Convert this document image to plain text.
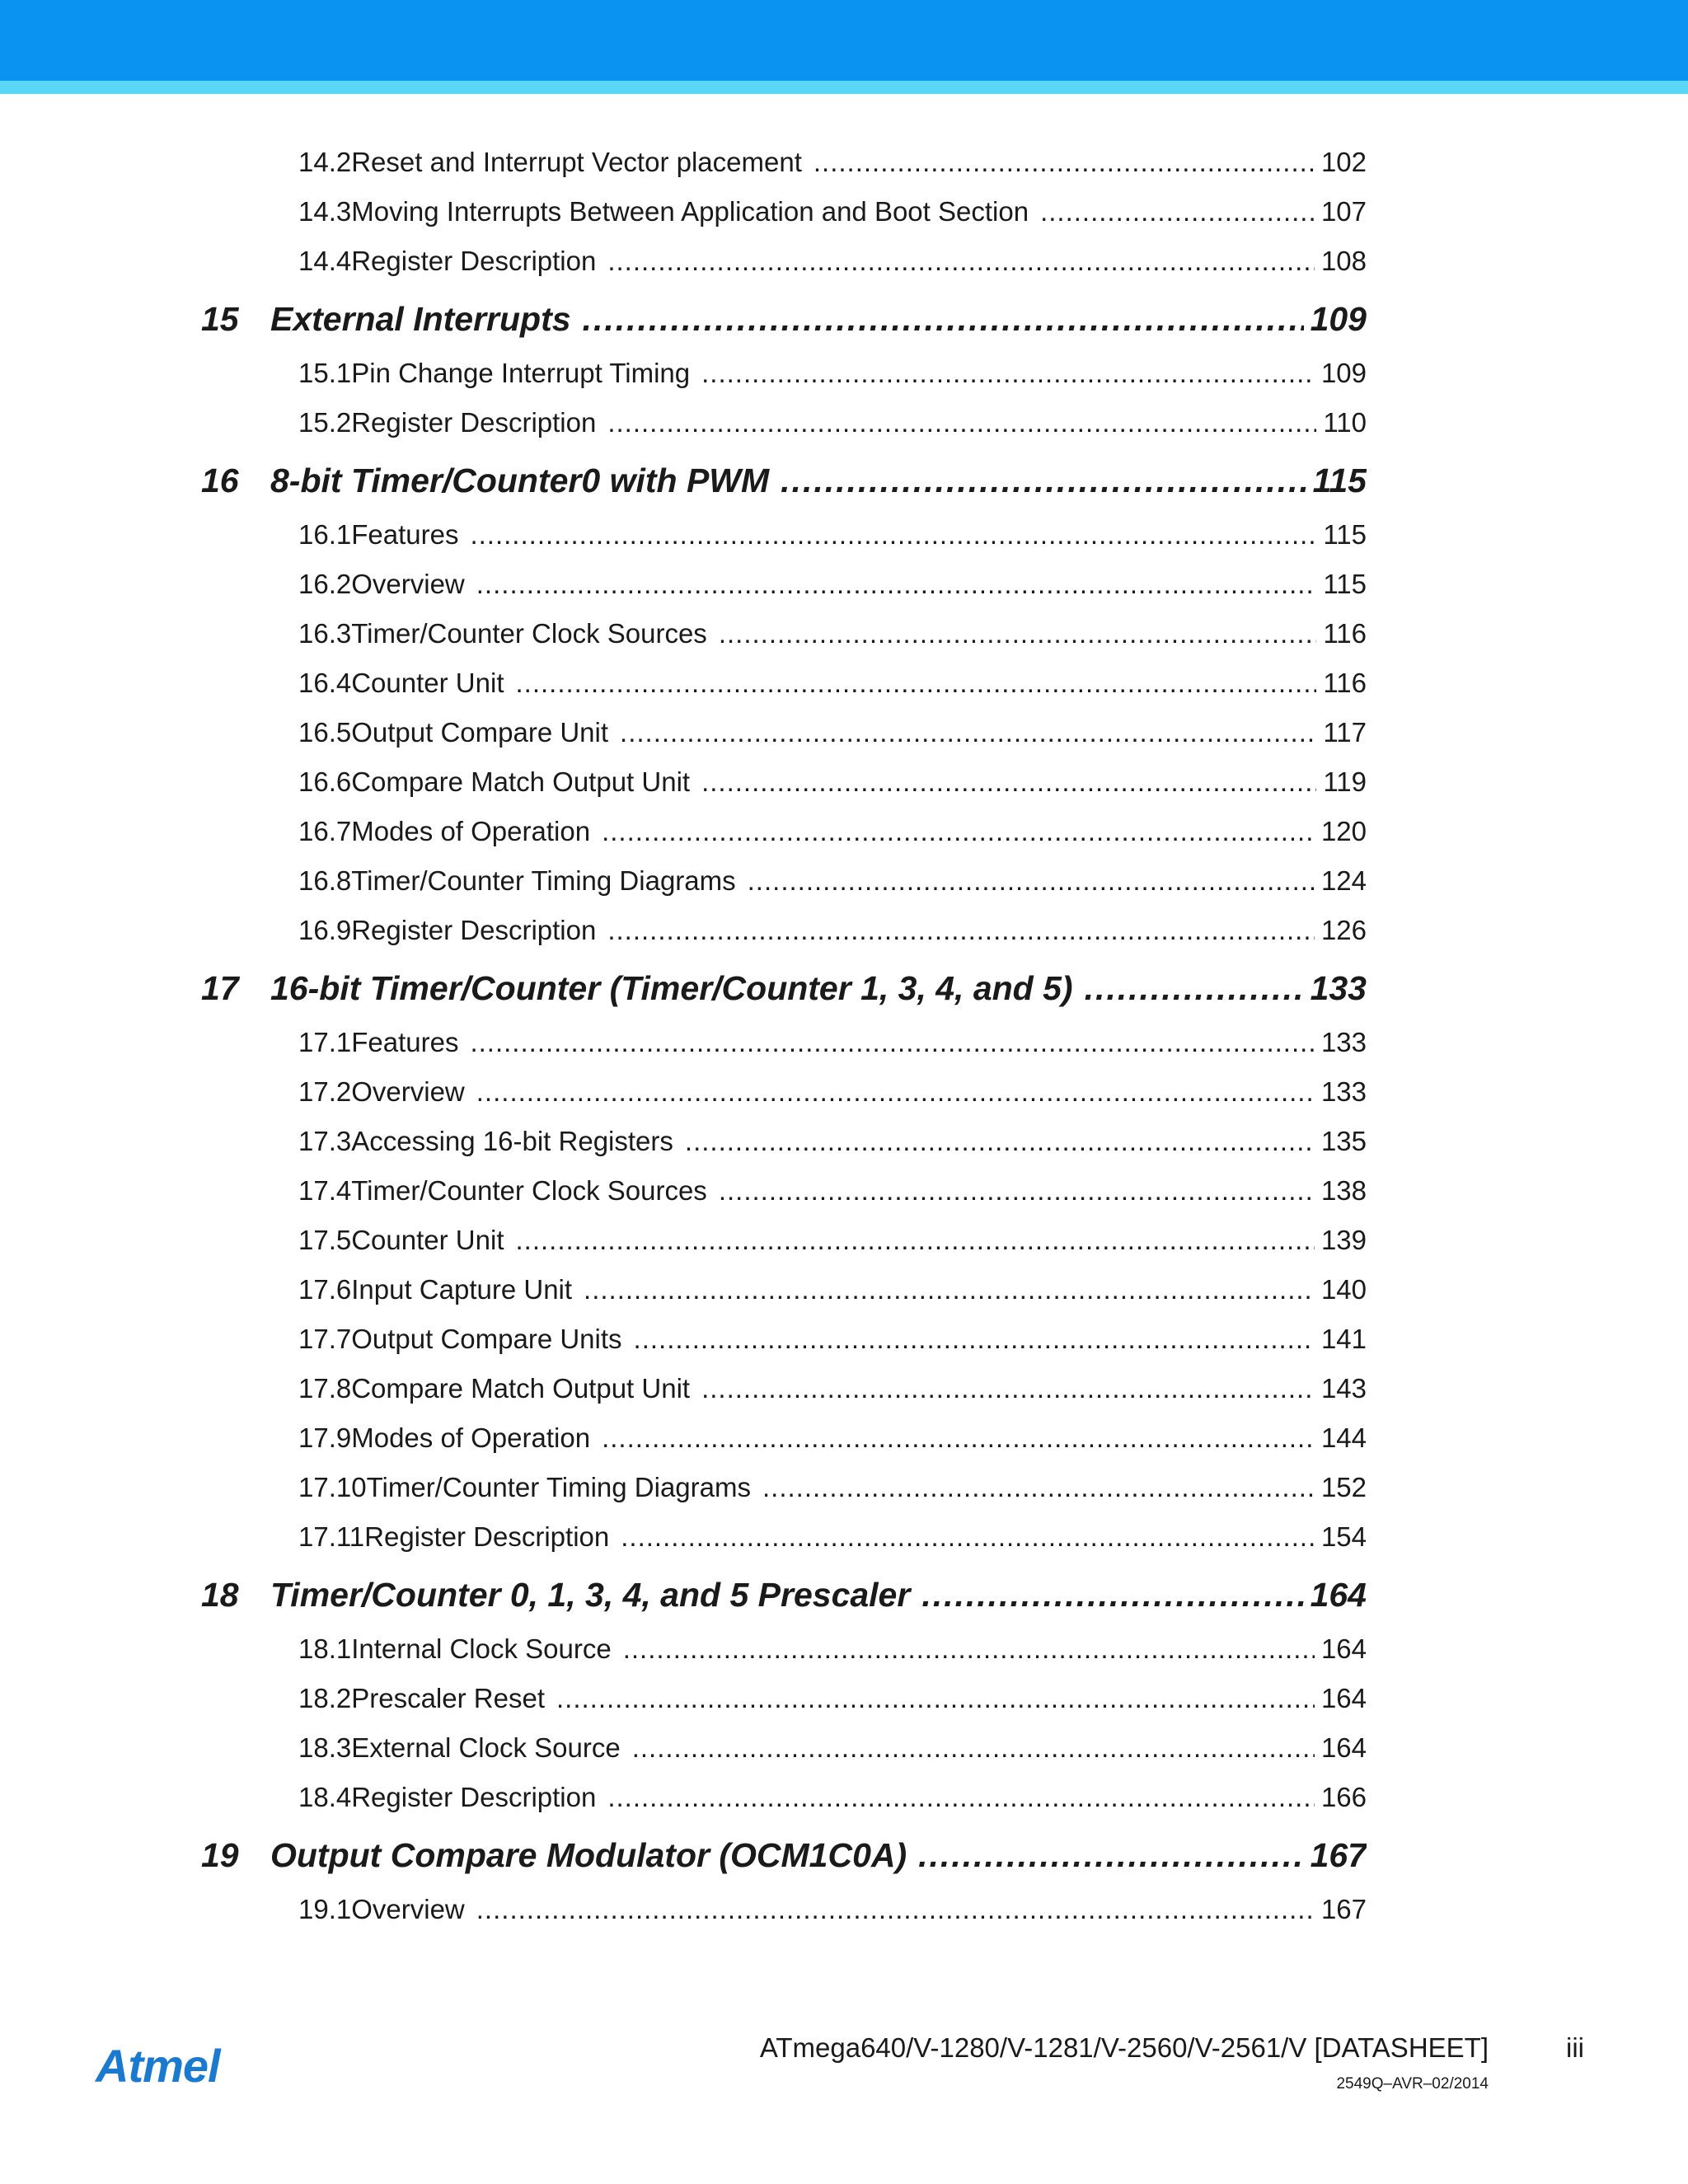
14.2Reset and Interrupt Vector placement .....	102
14.3Moving Interrupts Between Application and Boot Section .....	107
14.4Register Description .....	108
15 External Interrupts .....	109
15.1Pin Change Interrupt Timing .....	109
15.2Register Description .....	110
16 8-bit Timer/Counter0 with PWM .....	115
16.1Features .....	115
16.2Overview .....	115
16.3Timer/Counter Clock Sources .....	116
16.4Counter Unit .....	116
16.5Output Compare Unit .....	117
16.6Compare Match Output Unit .....	119
16.7Modes of Operation .....	120
16.8Timer/Counter Timing Diagrams .....	124
16.9Register Description .....	126
17 16-bit Timer/Counter (Timer/Counter 1, 3, 4, and 5) .....	133
17.1Features .....	133
17.2Overview .....	133
17.3Accessing 16-bit Registers .....	135
17.4Timer/Counter Clock Sources .....	138
17.5Counter Unit .....	139
17.6Input Capture Unit .....	140
17.7Output Compare Units .....	141
17.8Compare Match Output Unit .....	143
17.9Modes of Operation .....	144
17.10Timer/Counter Timing Diagrams .....	152
17.11Register Description .....	154
18 Timer/Counter 0, 1, 3, 4, and 5 Prescaler .....	164
18.1Internal Clock Source .....	164
18.2Prescaler Reset .....	164
18.3External Clock Source .....	164
18.4Register Description .....	166
19 Output Compare Modulator (OCM1C0A) .....	167
19.1Overview .....	167
Atmel	ATmega640/V-1280/V-1281/V-2560/V-2561/V [DATASHEET]	iii
2549Q–AVR–02/2014
